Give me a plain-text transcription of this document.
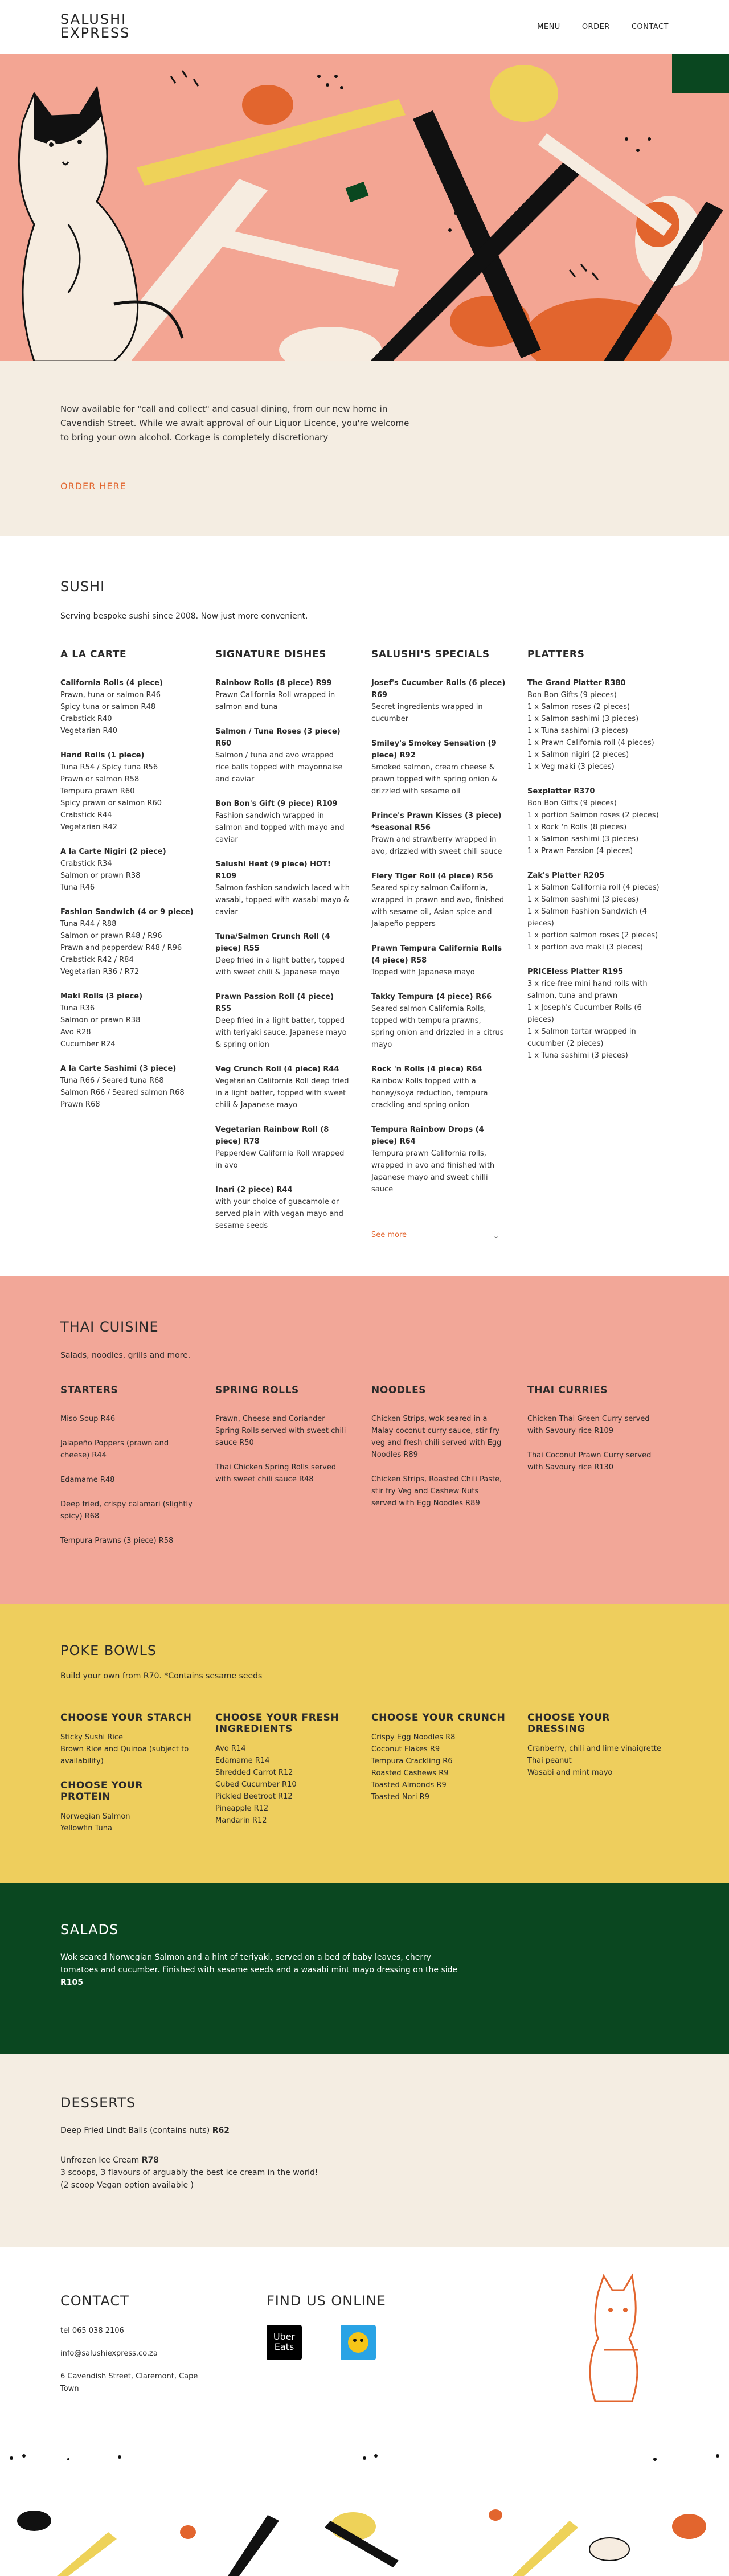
SALUSHI
EXPRESS	MENU	ORDER	CONTACT

Now available for "call and collect" and casual dining, from our new home in Cavendish Street. While we await approval of our Liquor Licence, you're welcome to bring your own alcohol. Corkage is completely discretionary

ORDER HERE
SUSHI
Serving bespoke sushi since 2008. Now just more convenient.
A LA CARTE
California Rolls (4 piece)
Prawn, tuna or salmon R46
Spicy tuna or salmon R48
Crabstick R40
Vegetarian R40
Hand Rolls (1 piece)
Tuna R54 / Spicy tuna R56
Prawn or salmon R58
Tempura prawn R60
Spicy prawn or salmon R60
Crabstick R44
Vegetarian R42
A la Carte Nigiri (2 piece)
Crabstick R34
Salmon or prawn R38
Tuna R46
Fashion Sandwich (4 or 9 piece)
Tuna R44 / R88
Salmon or prawn R48 / R96
Prawn and pepperdew R48 / R96
Crabstick R42 / R84
Vegetarian R36 / R72
Maki Rolls (3 piece)
Tuna R36
Salmon or prawn R38
Avo R28
Cucumber R24
A la Carte Sashimi (3 piece)
Tuna R66 / Seared tuna R68
Salmon R66 / Seared salmon R68
Prawn R68
SIGNATURE DISHES
Rainbow Rolls (8 piece) R99
Prawn California Roll wrapped in salmon and tuna
Salmon / Tuna Roses (3 piece) R60
Salmon / tuna and avo wrapped rice balls topped with mayonnaise and caviar
Bon Bon's Gift (9 piece) R109
Fashion sandwich wrapped in salmon and topped with mayo and caviar
Salushi Heat (9 piece) HOT! R109
Salmon fashion sandwich laced with wasabi, topped with wasabi mayo & caviar
Tuna/Salmon Crunch Roll (4 piece) R55
Deep fried in a light batter, topped with sweet chili & Japanese mayo
Prawn Passion Roll (4 piece) R55
Deep fried in a light batter, topped with teriyaki sauce, Japanese mayo & spring onion
Veg Crunch Roll (4 piece) R44
Vegetarian California Roll deep fried in a light batter, topped with sweet chili & Japanese mayo
Vegetarian Rainbow Roll (8 piece) R78
Pepperdew California Roll wrapped in avo
Inari (2 piece) R44
with your choice of guacamole or served plain with vegan mayo and sesame seeds
SALUSHI'S SPECIALS
Josef's Cucumber Rolls (6 piece) R69
Secret ingredients wrapped in cucumber
Smiley's Smokey Sensation (9 piece) R92
Smoked salmon, cream cheese & prawn topped with spring onion & drizzled with sesame oil
Prince's Prawn Kisses (3 piece) *seasonal R56
Prawn and strawberry wrapped in avo, drizzled with sweet chili sauce
Fiery Tiger Roll (4 piece) R56
Seared spicy salmon California, wrapped in prawn and avo, finished with sesame oil, Asian spice and Jalapeño peppers
Prawn Tempura California Rolls (4 piece) R58
Topped with Japanese mayo
Takky Tempura (4 piece) R66
Seared salmon California Rolls, topped with tempura prawns, spring onion and drizzled in a citrus mayo
Rock 'n Rolls (4 piece) R64
Rainbow Rolls topped with a honey/soya reduction, tempura crackling and spring onion
Tempura Rainbow Drops (4 piece) R64
Tempura prawn California rolls, wrapped in avo and finished with Japanese mayo and sweet chilli sauce
PLATTERS
The Grand Platter R380
Bon Bon Gifts (9 pieces)
1 x Salmon roses (2 pieces)
1 x Salmon sashimi (3 pieces)
1 x Tuna sashimi (3 pieces)
1 x Prawn California roll (4 pieces)
1 x Salmon nigiri (2 pieces)
1 x Veg maki (3 pieces)
Sexplatter R370
Bon Bon Gifts (9 pieces)
1 x portion Salmon roses (2 pieces)
1 x Rock 'n Rolls (8 pieces)
1 x Salmon sashimi (3 pieces)
1 x Prawn Passion (4 pieces)
Zak's Platter R205
1 x Salmon California roll (4 pieces)
1 x Salmon sashimi (3 pieces)
1 x Salmon Fashion Sandwich (4 pieces)
1 x portion salmon roses (2 pieces)
1 x portion avo maki (3 pieces)
PRICEless Platter R195
3 x rice-free mini hand rolls with salmon, tuna and prawn
1 x Joseph's Cucumber Rolls (6 pieces)
1 x Salmon tartar wrapped in cucumber (2 pieces)
1 x Tuna sashimi (3 pieces)
See more	⌄
THAI CUISINE
Salads, noodles, grills and more.
STARTERS
Miso Soup R46
Jalapeño Poppers (prawn and cheese) R44
Edamame R48
Deep fried, crispy calamari (slightly spicy) R68
Tempura Prawns (3 piece) R58
SPRING ROLLS
Prawn, Cheese and Coriander Spring Rolls served with sweet chili sauce R50
Thai Chicken Spring Rolls served with sweet chili sauce R48
NOODLES
Chicken Strips, wok seared in a Malay coconut curry sauce, stir fry veg and fresh chili served with Egg Noodles R89
Chicken Strips, Roasted Chili Paste, stir fry Veg and Cashew Nuts served with Egg Noodles R89
THAI CURRIES
Chicken Thai Green Curry served with Savoury rice R109
Thai Coconut Prawn Curry served with Savoury rice R130
POKE BOWLS
Build your own from R70. *Contains sesame seeds
CHOOSE YOUR STARCH
Sticky Sushi Rice
Brown Rice and Quinoa (subject to availability)
CHOOSE YOUR PROTEIN
Norwegian Salmon
Yellowfin Tuna
CHOOSE YOUR FRESH INGREDIENTS
Avo R14
Edamame R14
Shredded Carrot R12
Cubed Cucumber R10
Pickled Beetroot R12
Pineapple R12
Mandarin R12
CHOOSE YOUR CRUNCH
Crispy Egg Noodles R8
Coconut Flakes R9
Tempura Crackling R6
Roasted Cashews R9
Toasted Almonds R9
Toasted Nori R9
CHOOSE YOUR DRESSING
Cranberry, chili and lime vinaigrette
Thai peanut
Wasabi and mint mayo
SALADS
Wok seared Norwegian Salmon and a hint of teriyaki, served on a bed of baby leaves, cherry tomatoes and cucumber. Finished with sesame seeds and a wasabi mint mayo dressing on the side R105
DESSERTS
Deep Fried Lindt Balls (contains nuts) R62
Unfrozen Ice Cream R78
3 scoops, 3 flavours of arguably the best ice cream in the world!
(2 scoop Vegan option available )
CONTACT
tel 065 038 2106
info@salushiexpress.co.za
6 Cavendish Street, Claremont, Cape Town
FIND US ONLINE
Uber Eats
